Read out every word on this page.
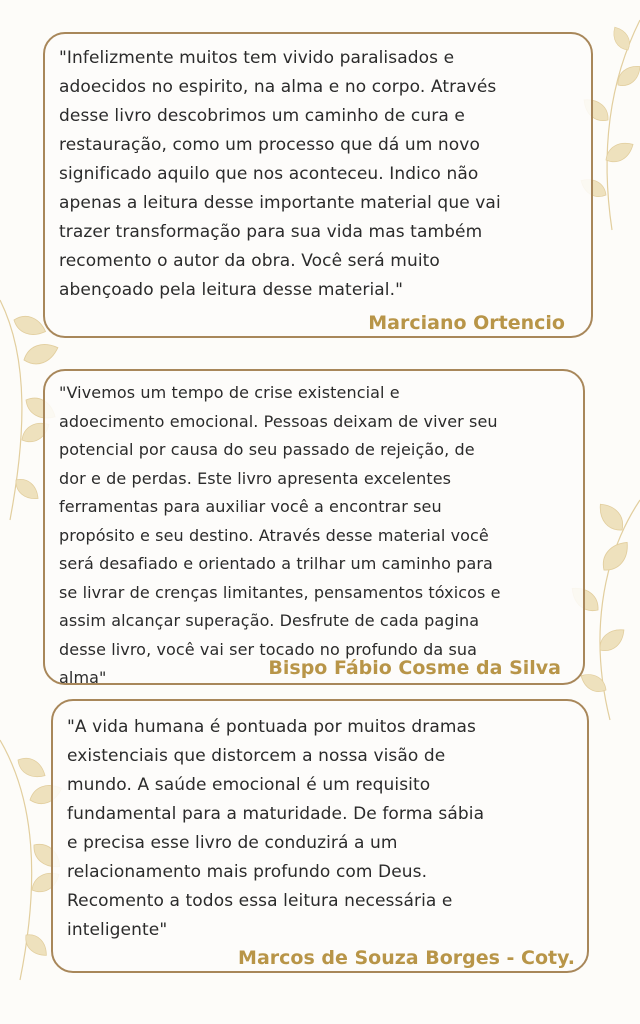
"Infelizmente muitos tem vivido paralisados e
adoecidos no espirito, na alma e no corpo. Através
desse livro descobrimos um caminho de cura e
restauração, como um processo que dá um novo
significado aquilo que nos aconteceu. Indico não
apenas a leitura desse importante material que vai
trazer transformação para sua vida mas também
recomento o autor da obra. Você será muito
abençoado pela leitura desse material."

Marciano Ortencio

"Vivemos um tempo de crise existencial e
adoecimento emocional. Pessoas deixam de viver seu
potencial por causa do seu passado de rejeição, de
dor e de perdas. Este livro apresenta excelentes
ferramentas para auxiliar você a encontrar seu
propósito e seu destino. Através desse material você
será desafiado e orientado a trilhar um caminho para
se livrar de crenças limitantes, pensamentos tóxicos e
assim alcançar superação. Desfrute de cada pagina
desse livro, você vai ser tocado no profundo da sua
alma"	Bispo Fábio Cosme da Silva

"A vida humana é pontuada por muitos dramas
existenciais que distorcem a nossa visão de
mundo. A saúde emocional é um requisito
fundamental para a maturidade. De forma sábia
e precisa esse livro de conduzirá a um
relacionamento mais profundo com Deus.
Recomento a todos essa leitura necessária e
inteligente"

Marcos de Souza Borges - Coty.
